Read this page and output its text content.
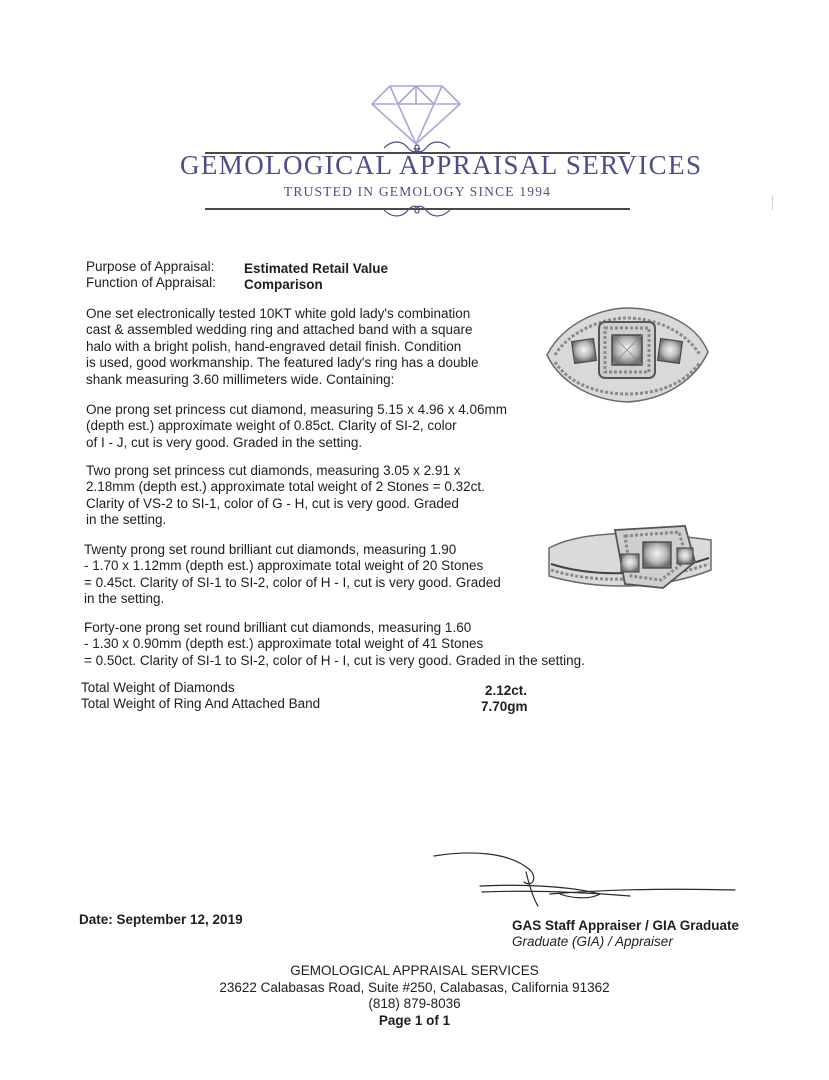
GEMOLOGICAL APPRAISAL SERVICES
TRUSTED IN GEMOLOGY SINCE 1994
Purpose of Appraisal: Estimated Retail Value
Function of Appraisal: Comparison
One set electronically tested 10KT white gold lady's combination
cast & assembled wedding ring and attached band with a square
halo with a bright polish, hand-engraved detail finish. Condition
is used, good workmanship. The featured lady's ring has a double
shank measuring 3.60 millimeters wide. Containing:
One prong set princess cut diamond, measuring 5.15 x 4.96 x 4.06mm
(depth est.) approximate weight of 0.85ct. Clarity of SI-2, color
of I - J, cut is very good. Graded in the setting.
Two prong set princess cut diamonds, measuring 3.05 x 2.91 x
2.18mm (depth est.) approximate total weight of 2 Stones = 0.32ct.
Clarity of VS-2 to SI-1, color of G - H, cut is very good. Graded
in the setting.
Twenty prong set round brilliant cut diamonds, measuring 1.90
- 1.70 x 1.12mm (depth est.) approximate total weight of 20 Stones
= 0.45ct. Clarity of SI-1 to SI-2, color of H - I, cut is very good. Graded
in the setting.
Forty-one prong set round brilliant cut diamonds, measuring 1.60
- 1.30 x 0.90mm (depth est.) approximate total weight of 41 Stones
= 0.50ct. Clarity of SI-1 to SI-2, color of H - I, cut is very good. Graded in the setting.
Total Weight of Diamonds	2.12ct.
Total Weight of Ring And Attached Band	7.70gm
Date: September 12, 2019	GAS Staff Appraiser / GIA Graduate
Graduate (GIA) / Appraiser
GEMOLOGICAL APPRAISAL SERVICES
23622 Calabasas Road, Suite #250, Calabasas, California 91362
(818) 879-8036
Page 1 of 1
